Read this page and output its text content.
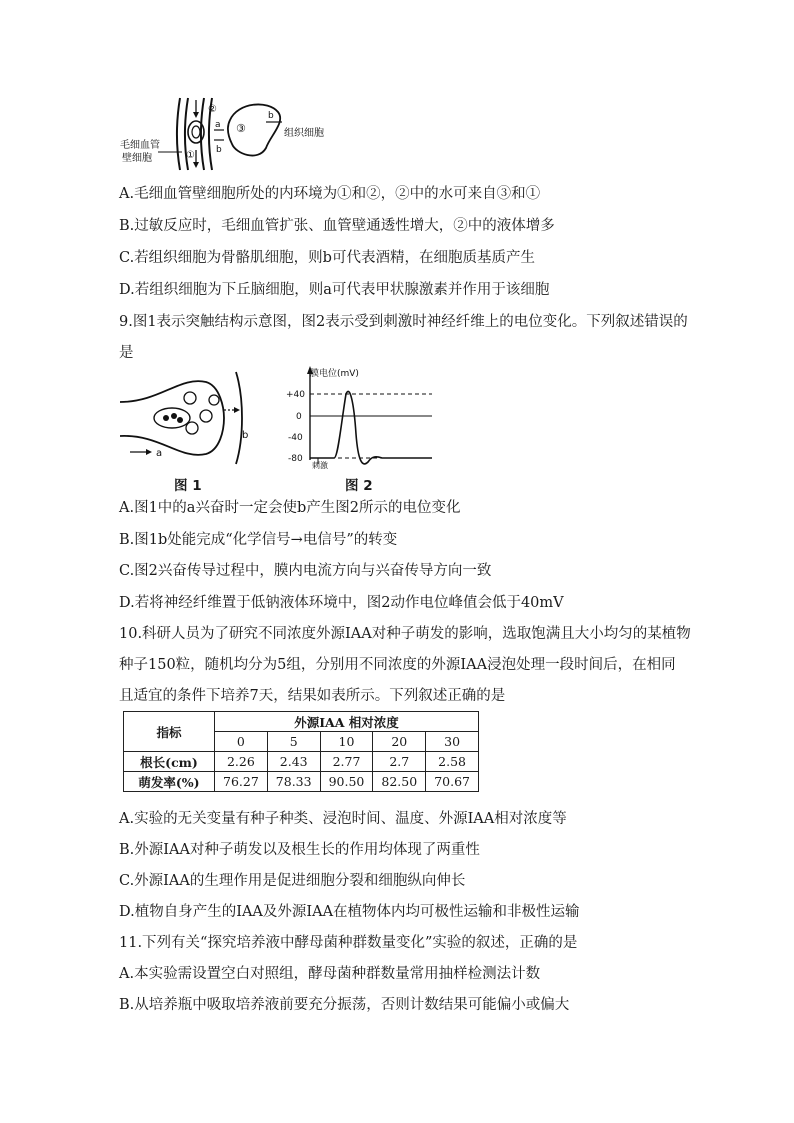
a
b
b
③
②
①
毛细血管
壁细胞
组织细胞
A.毛细血管壁细胞所处的内环境为①和②，②中的水可来自③和①
B.过敏反应时，毛细血管扩张、血管壁通透性增大，②中的液体增多
C.若组织细胞为骨骼肌细胞，则b可代表酒精，在细胞质基质产生
D.若组织细胞为下丘脑细胞，则a可代表甲状腺激素并作用于该细胞
9.图1表示突触结构示意图，图2表示受到刺激时神经纤维上的电位变化。下列叙述错误的
是
a
b
图 1
膜电位(mV)
+40
0
-40
-80
刺激
图 2
A.图1中的a兴奋时一定会使b产生图2所示的电位变化
B.图1b处能完成“化学信号→电信号”的转变
C.图2兴奋传导过程中，膜内电流方向与兴奋传导方向一致
D.若将神经纤维置于低钠液体环境中，图2动作电位峰值会低于40mV
10.科研人员为了研究不同浓度外源IAA对种子萌发的影响，选取饱满且大小均匀的某植物
种子150粒，随机均分为5组，分别用不同浓度的外源IAA浸泡处理一段时间后，在相同
且适宜的条件下培养7天，结果如表所示。下列叙述正确的是
指标	外源IAA 相对浓度				
	0	5	10	20	30
根长(cm)	2.26	2.43	2.77	2.7	2.58
萌发率(%)	76.27	78.33	90.50	82.50	70.67
A.实验的无关变量有种子种类、浸泡时间、温度、外源IAA相对浓度等
B.外源IAA对种子萌发以及根生长的作用均体现了两重性
C.外源IAA的生理作用是促进细胞分裂和细胞纵向伸长
D.植物自身产生的IAA及外源IAA在植物体内均可极性运输和非极性运输
11.下列有关“探究培养液中酵母菌种群数量变化”实验的叙述，正确的是
A.本实验需设置空白对照组，酵母菌种群数量常用抽样检测法计数
B.从培养瓶中吸取培养液前要充分振荡，否则计数结果可能偏小或偏大
